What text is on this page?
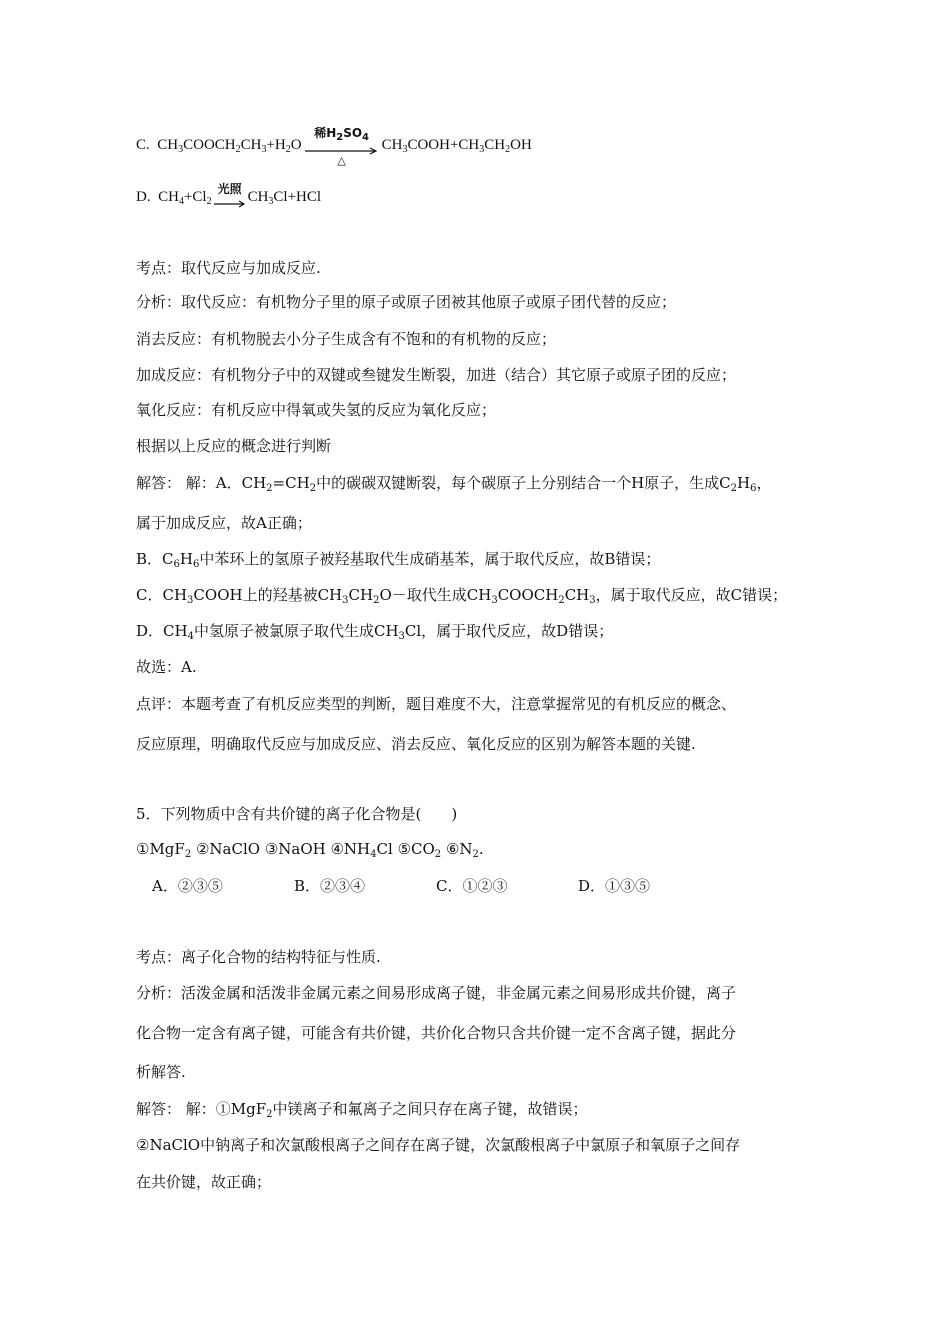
C. $CH_3COOCH_2CH_3+H_2O$
稀$H_2SO_4$
△
$CH_3COOH+CH_3CH_2OH$
D. $CH_4+Cl_2$
光照 $CH_3Cl+HCl$
考点：取代反应与加成反应.
分析：取代反应：有机物分子里的原子或原子团被其他原子或原子团代替的反应；
消去反应：有机物脱去小分子生成含有不饱和的有机物的反应；
加成反应：有机物分子中的双键或叁键发生断裂，加进（结合）其它原子或原子团的反应；
氧化反应：有机反应中得氧或失氢的反应为氧化反应；
根据以上反应的概念进行判断
解答： 解：A．$CH_2=CH_2$中的碳碳双键断裂，每个碳原子上分别结合一个H原子，生成$C_2H_6$，
属于加成反应，故A正确；
B．$C_6H_6$中苯环上的氢原子被羟基取代生成硝基苯，属于取代反应，故B错误；
C．$CH_3COOH$上的羟基被$CH_3CH_2O-$取代生成$CH_3COOCH_2CH_3$，属于取代反应，故C错误；
D．$CH_4$中氢原子被氯原子取代生成$CH_3Cl$，属于取代反应，故D错误；
故选：A.
点评：本题考查了有机反应类型的判断，题目难度不大，注意掌握常见的有机反应的概念、
反应原理，明确取代反应与加成反应、消去反应、氧化反应的区别为解答本题的关键.
5．下列物质中含有共价键的离子化合物是(　　)
①MgF$_2$ ②NaClO ③NaOH $④NH_4Cl$ $⑤CO_2$ $⑥N_2$.
A．②③⑤	B．②③④	C．①②③	D．①③⑤
考点：离子化合物的结构特征与性质.
分析：活泼金属和活泼非金属元素之间易形成离子键，非金属元素之间易形成共价键，离子
化合物一定含有离子键，可能含有共价键，共价化合物只含共价键一定不含离子键，据此分
析解答.
解答： 解：①MgF$_2$中镁离子和氟离子之间只存在离子键，故错误；
②NaClO中钠离子和次氯酸根离子之间存在离子键，次氯酸根离子中氯原子和氧原子之间存
在共价键，故正确；
